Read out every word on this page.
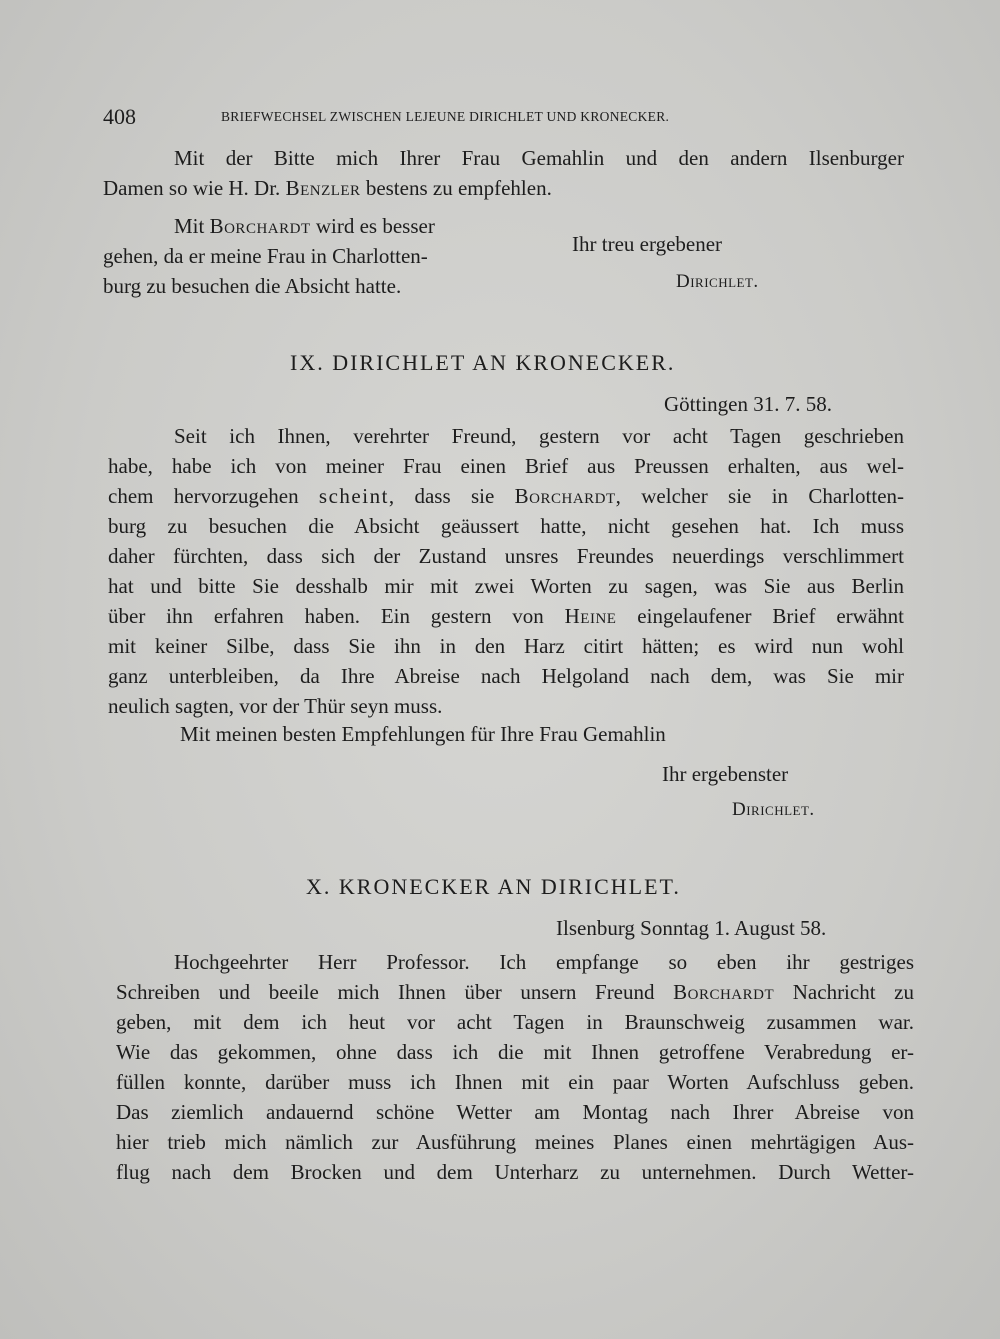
408	BRIEFWECHSEL ZWISCHEN LEJEUNE DIRICHLET UND KRONECKER.
Mit der Bitte mich Ihrer Frau Gemahlin und den andern Ilsenburger
Damen so wie H. Dr. Benzler bestens zu empfehlen.
Mit Borchardt wird es besser
gehen, da er meine Frau in Charlotten-
burg zu besuchen die Absicht hatte.
Ihr treu ergebener
Dirichlet.
IX. DIRICHLET AN KRONECKER.
Göttingen 31. 7. 58.
Seit ich Ihnen, verehrter Freund, gestern vor acht Tagen geschrieben
habe, habe ich von meiner Frau einen Brief aus Preussen erhalten, aus wel-
chem hervorzugehen scheint, dass sie Borchardt, welcher sie in Charlotten-
burg zu besuchen die Absicht geäussert hatte, nicht gesehen hat. Ich muss
daher fürchten, dass sich der Zustand unsres Freundes neuerdings verschlimmert
hat und bitte Sie desshalb mir mit zwei Worten zu sagen, was Sie aus Berlin
über ihn erfahren haben. Ein gestern von Heine eingelaufener Brief erwähnt
mit keiner Silbe, dass Sie ihn in den Harz citirt hätten; es wird nun wohl
ganz unterbleiben, da Ihre Abreise nach Helgoland nach dem, was Sie mir
neulich sagten, vor der Thür seyn muss.
Mit meinen besten Empfehlungen für Ihre Frau Gemahlin
Ihr ergebenster
Dirichlet.
X. KRONECKER AN DIRICHLET.
Ilsenburg Sonntag 1. August 58.
Hochgeehrter Herr Professor. Ich empfange so eben ihr gestriges
Schreiben und beeile mich Ihnen über unsern Freund Borchardt Nachricht zu
geben, mit dem ich heut vor acht Tagen in Braunschweig zusammen war.
Wie das gekommen, ohne dass ich die mit Ihnen getroffene Verabredung er-
füllen konnte, darüber muss ich Ihnen mit ein paar Worten Aufschluss geben.
Das ziemlich andauernd schöne Wetter am Montag nach Ihrer Abreise von
hier trieb mich nämlich zur Ausführung meines Planes einen mehrtägigen Aus-
flug nach dem Brocken und dem Unterharz zu unternehmen. Durch Wetter-
